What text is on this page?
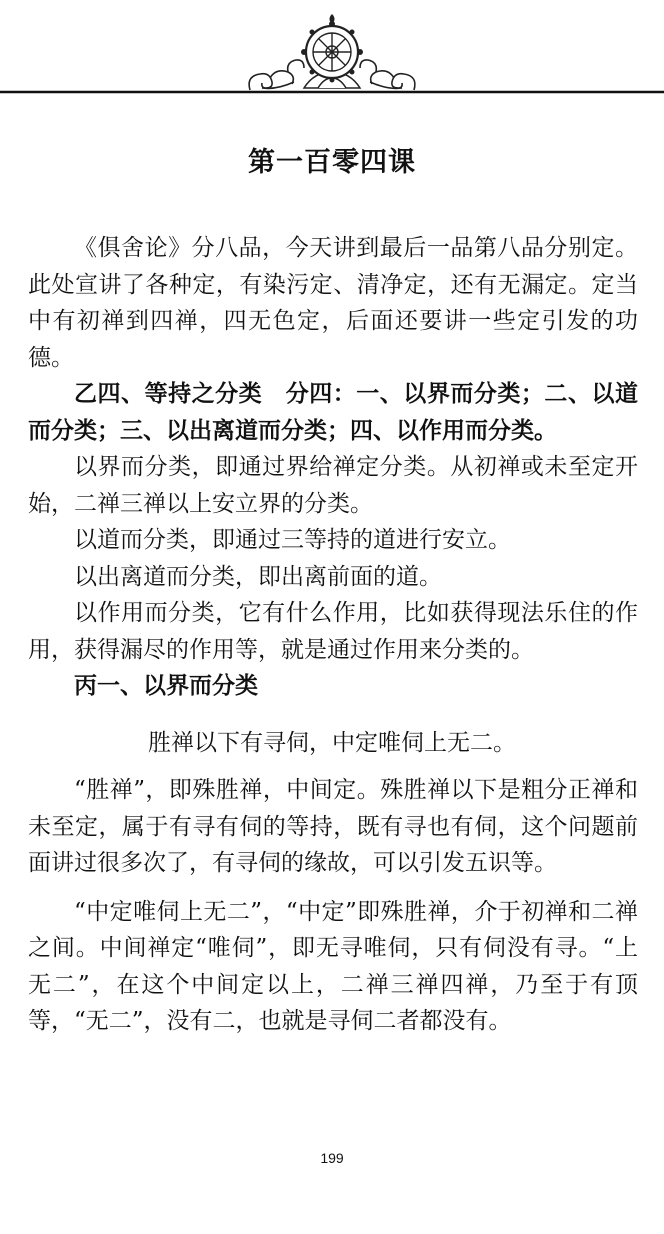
第一百零四课

《俱舍论》分八品，今天讲到最后一品第八品分别定。此处宣讲了各种定，有染污定、清净定，还有无漏定。定当中有初禅到四禅，四无色定，后面还要讲一些定引发的功德。

乙四、等持之分类　分四：一、以界而分类；二、以道而分类；三、以出离道而分类；四、以作用而分类。

以界而分类，即通过界给禅定分类。从初禅或未至定开始，二禅三禅以上安立界的分类。

以道而分类，即通过三等持的道进行安立。

以出离道而分类，即出离前面的道。

以作用而分类，它有什么作用，比如获得现法乐住的作用，获得漏尽的作用等，就是通过作用来分类的。

丙一、以界而分类

胜禅以下有寻伺，中定唯伺上无二。

“胜禅”，即殊胜禅，中间定。殊胜禅以下是粗分正禅和未至定，属于有寻有伺的等持，既有寻也有伺，这个问题前面讲过很多次了，有寻伺的缘故，可以引发五识等。

“中定唯伺上无二”，“中定”即殊胜禅，介于初禅和二禅之间。中间禅定“唯伺”，即无寻唯伺，只有伺没有寻。“上无二”，在这个中间定以上，二禅三禅四禅，乃至于有顶等，“无二”，没有二，也就是寻伺二者都没有。

199
